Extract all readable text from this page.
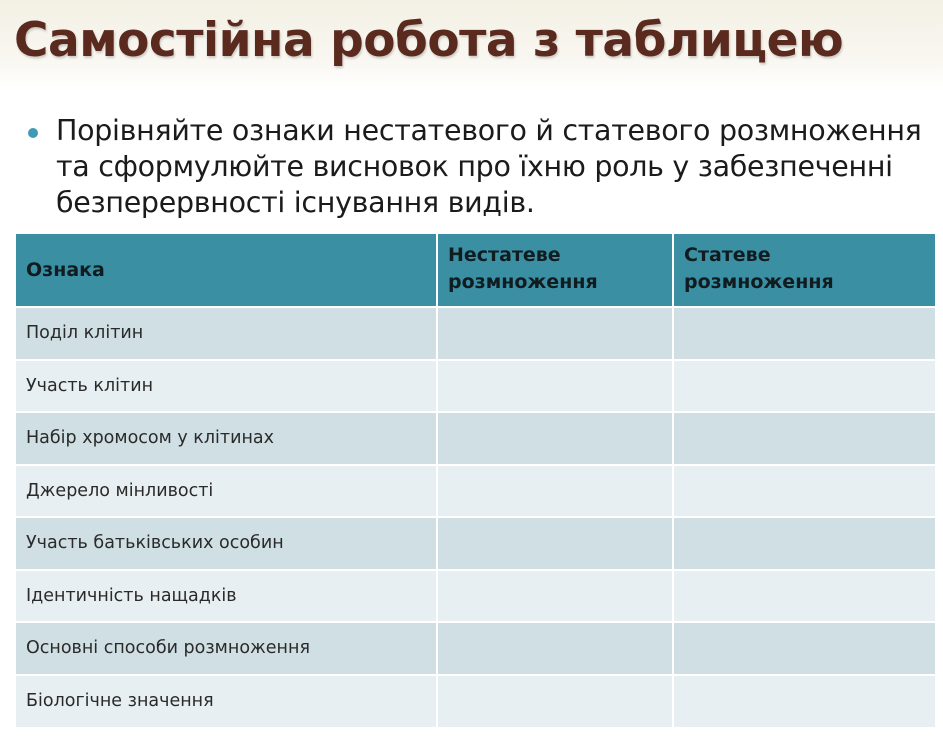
Самостійна робота з таблицею

Порівняйте ознаки нестатевого й статевого розмноження та сформулюйте висновок про їхню роль у забезпеченні безперервності існування видів.

Ознака	Нестатеве розмноження	Статеве розмноження
Поділ клітин		
Участь клітин		
Набір хромосом у клітинах		
Джерело мінливості		
Участь батьківських особин		
Ідентичність нащадків		
Основні способи розмноження		
Біологічне значення		
